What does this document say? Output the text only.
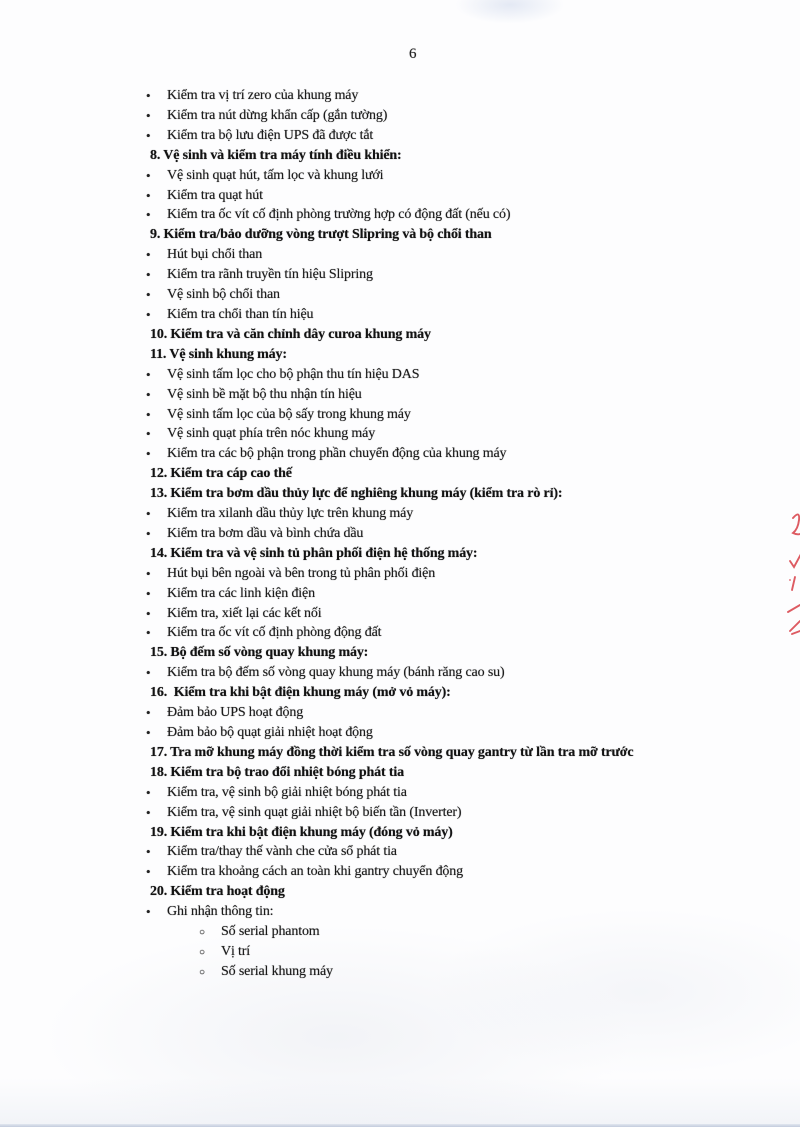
6
• Kiểm tra vị trí zero của khung máy
• Kiểm tra nút dừng khẩn cấp (gắn tường)
• Kiểm tra bộ lưu điện UPS đã được tắt
8. Vệ sinh và kiểm tra máy tính điều khiển:
• Vệ sinh quạt hút, tấm lọc và khung lưới
• Kiểm tra quạt hút
• Kiểm tra ốc vít cố định phòng trường hợp có động đất (nếu có)
9. Kiểm tra/bảo dưỡng vòng trượt Slipring và bộ chổi than
• Hút bụi chổi than
• Kiểm tra rãnh truyền tín hiệu Slipring
• Vệ sinh bộ chổi than
• Kiểm tra chổi than tín hiệu
10. Kiểm tra và căn chỉnh dây curoa khung máy
11. Vệ sinh khung máy:
• Vệ sinh tấm lọc cho bộ phận thu tín hiệu DAS
• Vệ sinh bề mặt bộ thu nhận tín hiệu
• Vệ sinh tấm lọc của bộ sấy trong khung máy
• Vệ sinh quạt phía trên nóc khung máy
• Kiểm tra các bộ phận trong phần chuyển động của khung máy
12. Kiểm tra cáp cao thế
13. Kiểm tra bơm dầu thủy lực để nghiêng khung máy (kiểm tra rò rỉ):
• Kiểm tra xilanh dầu thủy lực trên khung máy
• Kiểm tra bơm dầu và bình chứa dầu
14. Kiểm tra và vệ sinh tủ phân phối điện hệ thống máy:
• Hút bụi bên ngoài và bên trong tủ phân phối điện
• Kiểm tra các linh kiện điện
• Kiểm tra, xiết lại các kết nối
• Kiểm tra ốc vít cố định phòng động đất
15. Bộ đếm số vòng quay khung máy:
• Kiểm tra bộ đếm số vòng quay khung máy (bánh răng cao su)
16.  Kiểm tra khi bật điện khung máy (mở vỏ máy):
• Đảm bảo UPS hoạt động
• Đảm bảo bộ quạt giải nhiệt hoạt động
17. Tra mỡ khung máy đồng thời kiểm tra số vòng quay gantry từ lần tra mỡ trước
18. Kiểm tra bộ trao đổi nhiệt bóng phát tia
• Kiểm tra, vệ sinh bộ giải nhiệt bóng phát tia
• Kiểm tra, vệ sinh quạt giải nhiệt bộ biến tần (Inverter)
19. Kiểm tra khi bật điện khung máy (đóng vỏ máy)
• Kiểm tra/thay thế vành che cửa sổ phát tia
• Kiểm tra khoảng cách an toàn khi gantry chuyển động
20. Kiểm tra hoạt động
• Ghi nhận thông tin:
○ Số serial phantom
○ Vị trí
○ Số serial khung máy
